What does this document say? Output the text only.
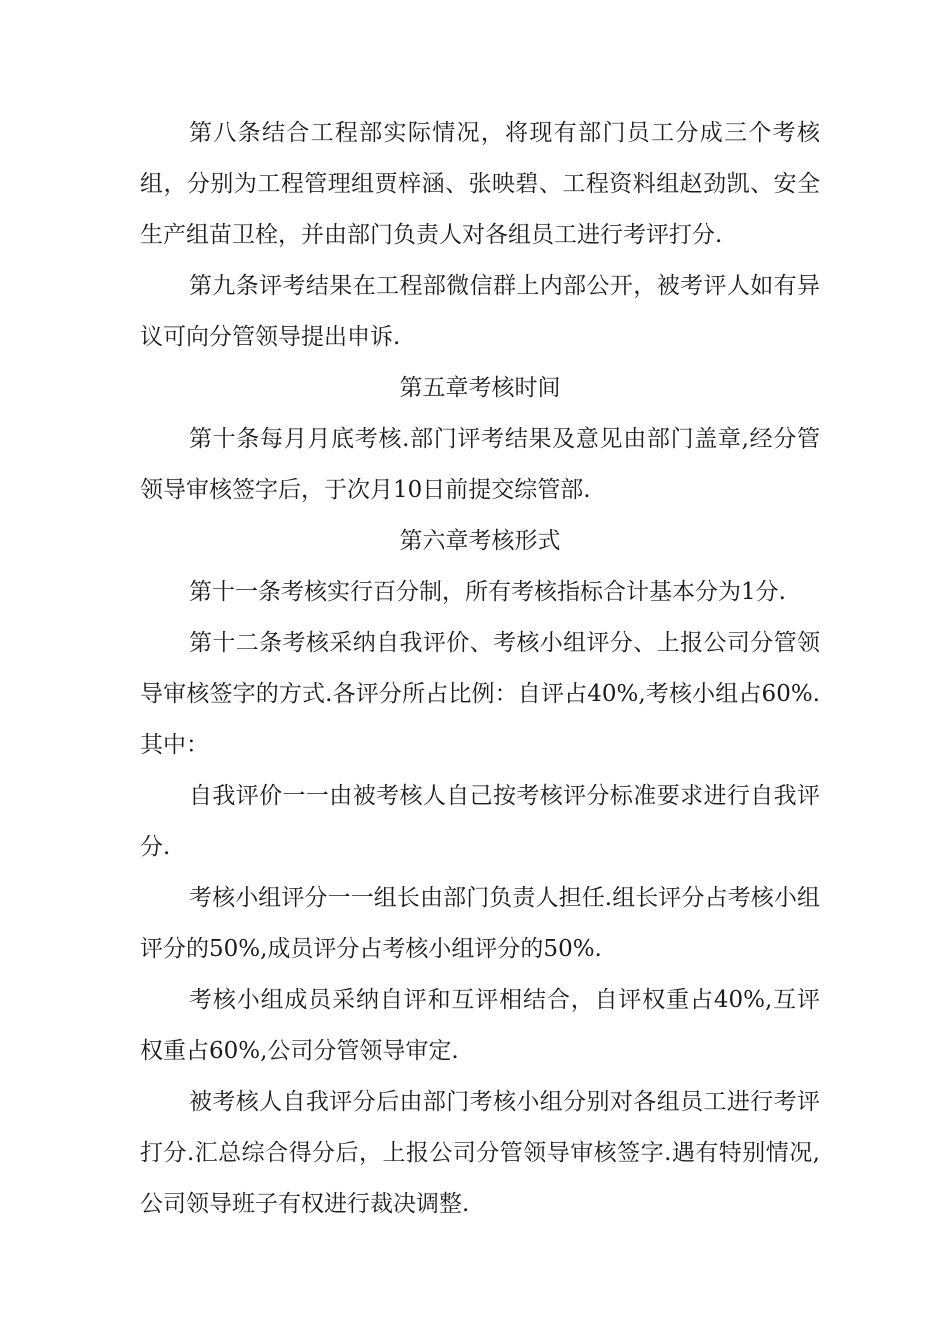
第八条结合工程部实际情况，将现有部门员工分成三个考核组，分别为工程管理组贾梓涵、张映碧、工程资料组赵劲凯、安全生产组苗卫栓，并由部门负责人对各组员工进行考评打分.

第九条评考结果在工程部微信群上内部公开，被考评人如有异议可向分管领导提出申诉.

第五章考核时间

第十条每月月底考核.部门评考结果及意见由部门盖章,经分管领导审核签字后，于次月10日前提交综管部.

第六章考核形式

第十一条考核实行百分制，所有考核指标合计基本分为1分.

第十二条考核采纳自我评价、考核小组评分、上报公司分管领导审核签字的方式.各评分所占比例：自评占40%,考核小组占60%.其中：

自我评价一一由被考核人自己按考核评分标准要求进行自我评分.

考核小组评分一一组长由部门负责人担任.组长评分占考核小组评分的50%,成员评分占考核小组评分的50%.

考核小组成员采纳自评和互评相结合，自评权重占40%,互评权重占60%,公司分管领导审定.

被考核人自我评分后由部门考核小组分别对各组员工进行考评打分.汇总综合得分后，上报公司分管领导审核签字.遇有特别情况,公司领导班子有权进行裁决调整.
